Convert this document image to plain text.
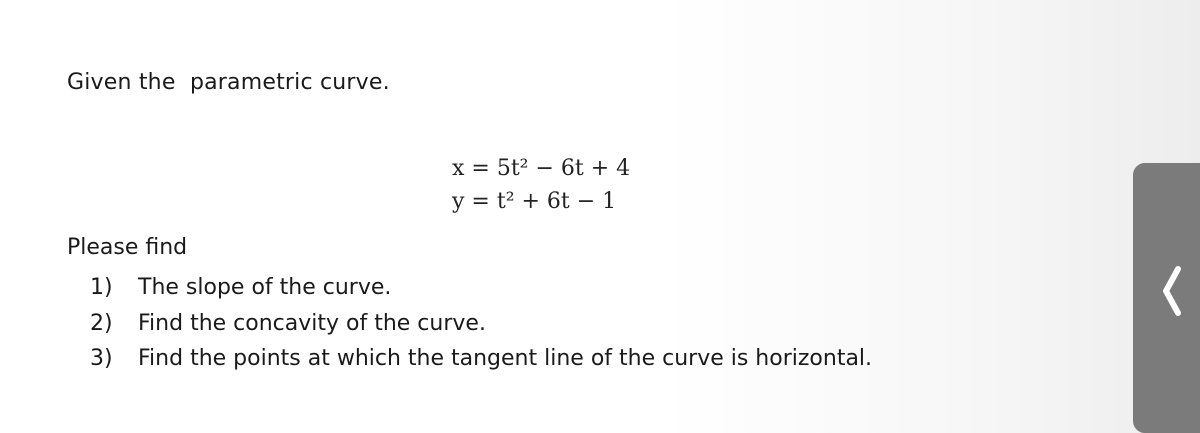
Given the  parametric curve.
x = 5t² − 6t + 4
y = t² + 6t − 1
Please find
1)	The slope of the curve.
2)	Find the concavity of the curve.
3)	Find the points at which the tangent line of the curve is horizontal.
